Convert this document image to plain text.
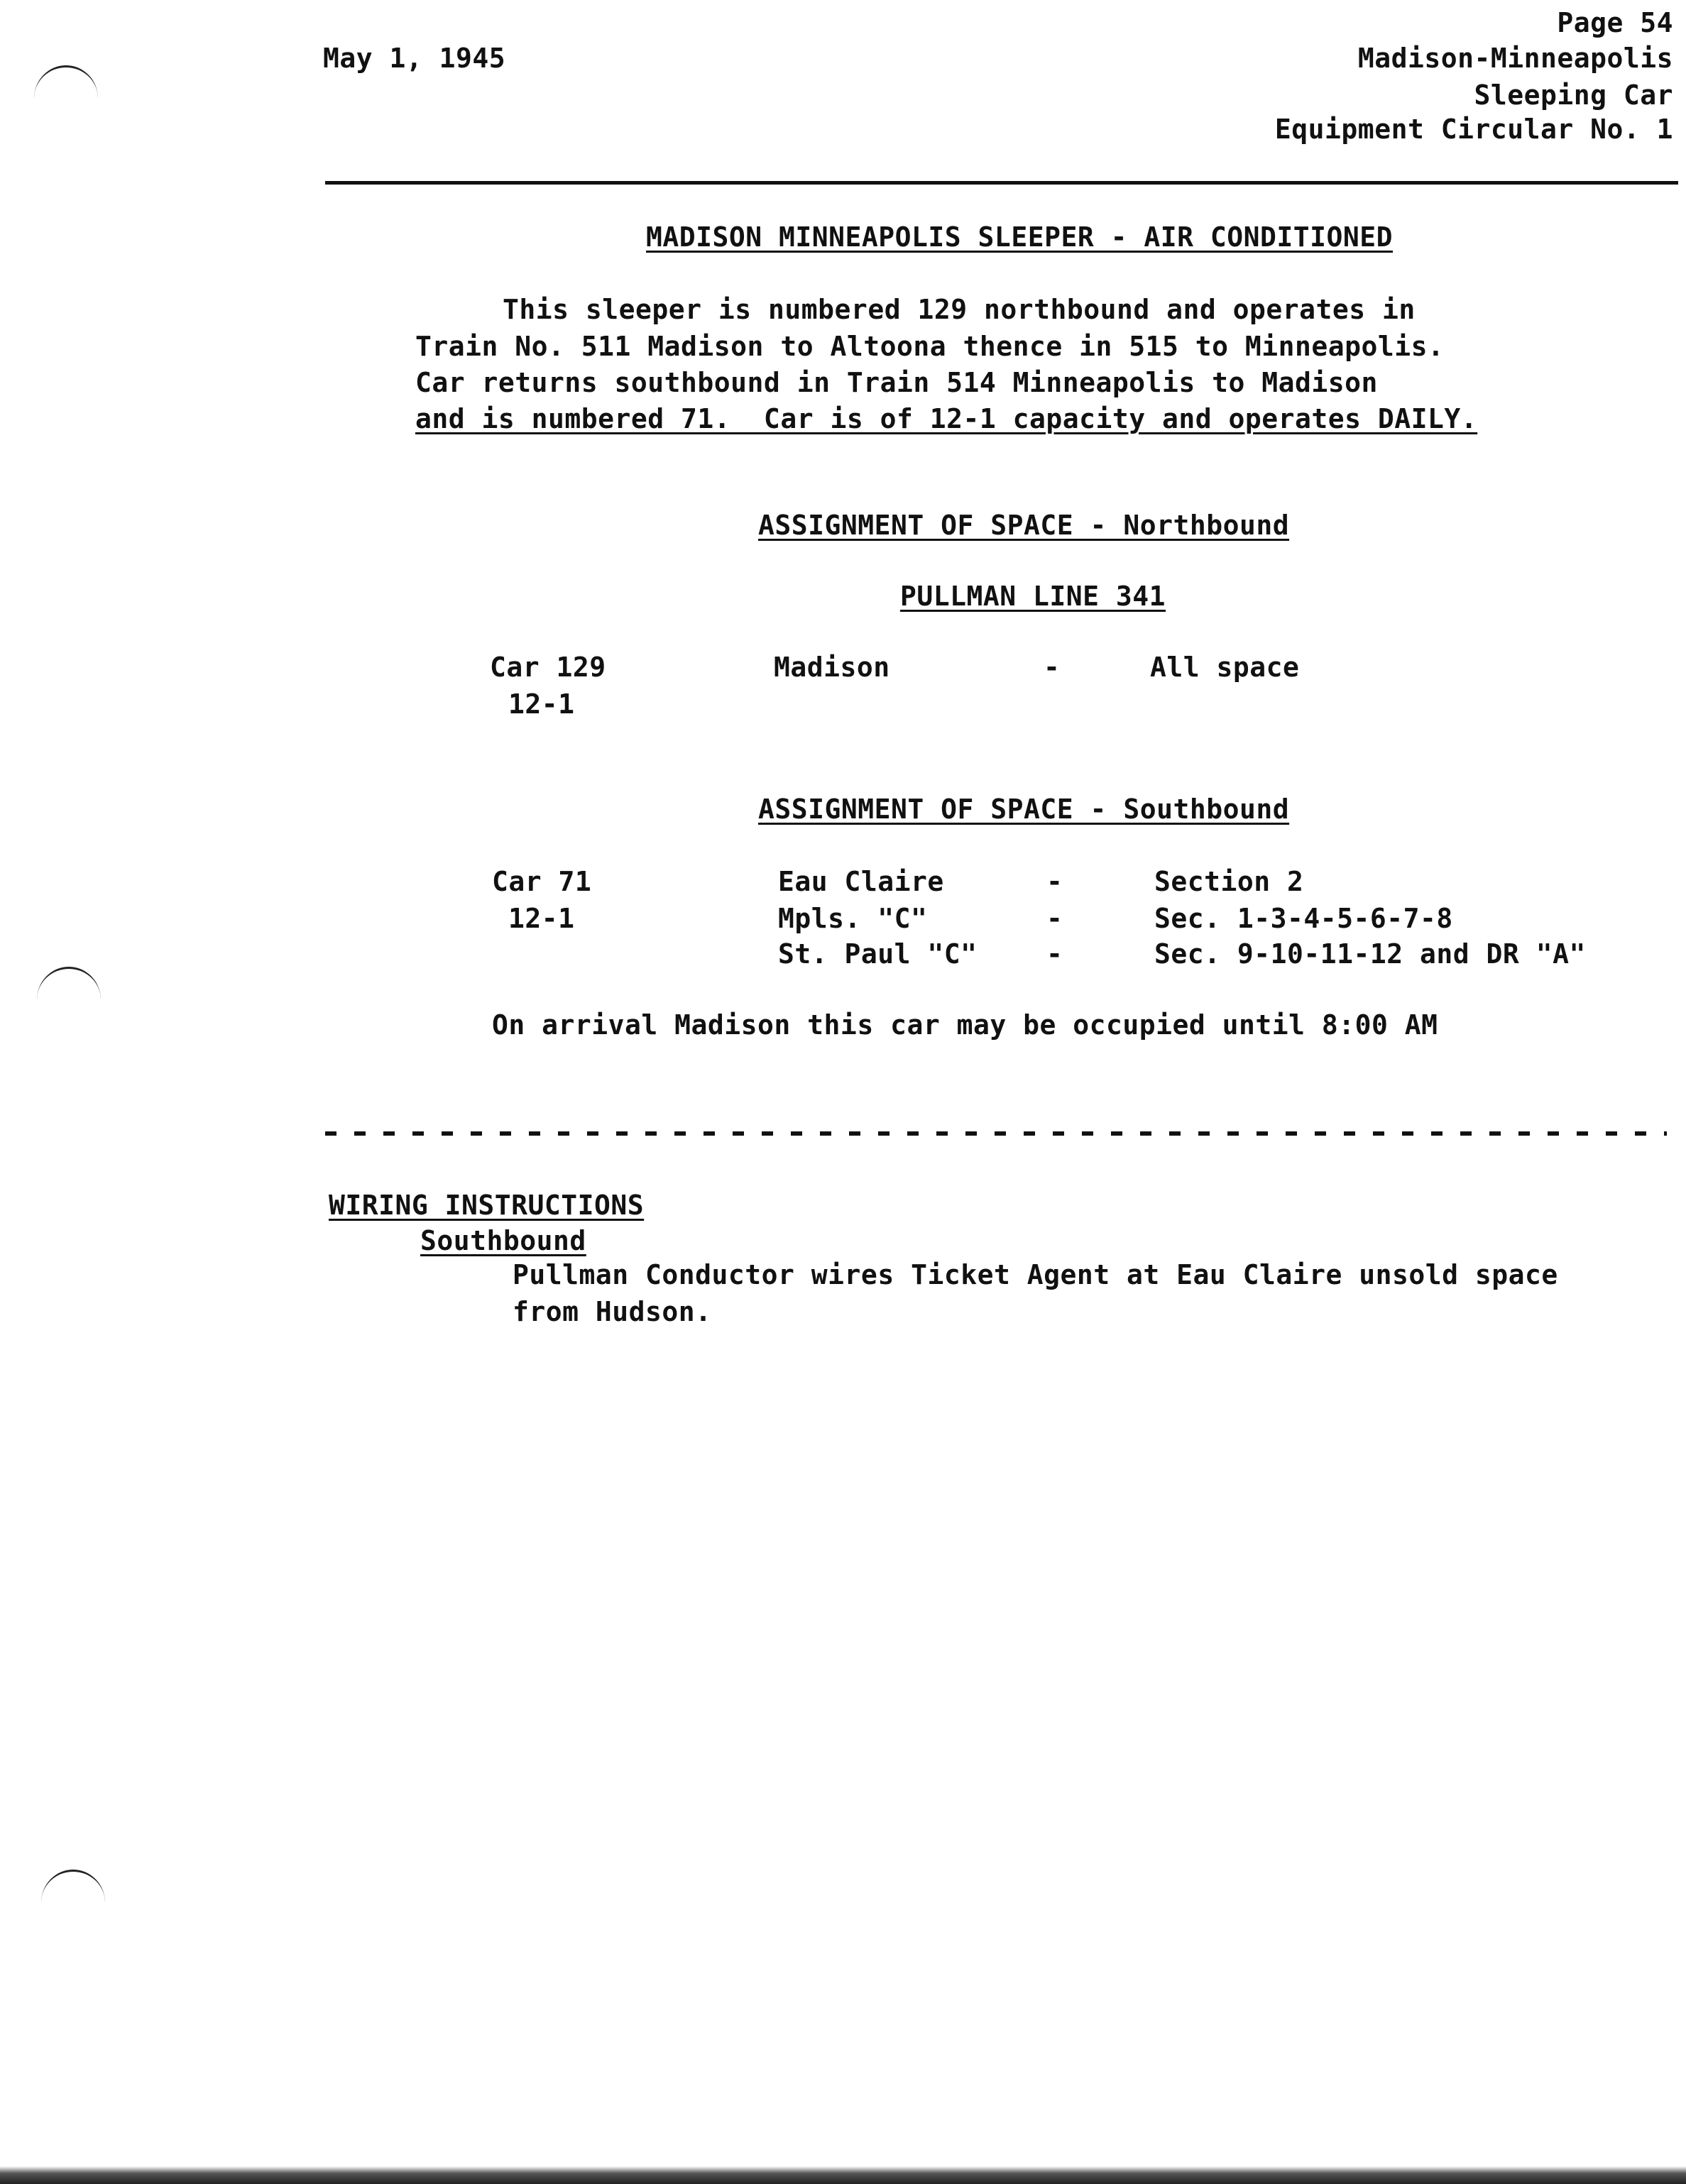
May 1, 1945
Page 54
Madison-Minneapolis
Sleeping Car
Equipment Circular No. 1
MADISON MINNEAPOLIS SLEEPER - AIR CONDITIONED
This sleeper is numbered 129 northbound and operates in
Train No. 511 Madison to Altoona thence in 515 to Minneapolis.
Car returns southbound in Train 514 Minneapolis to Madison
and is numbered 71.  Car is of 12-1 capacity and operates DAILY.
ASSIGNMENT OF SPACE - Northbound
PULLMAN LINE 341
Car 129
12-1
Madison	-	All space
ASSIGNMENT OF SPACE - Southbound
Car 71
12-1
Eau Claire	-	Section 2
Mpls. "C"	-	Sec. 1-3-4-5-6-7-8
St. Paul "C"	-	Sec. 9-10-11-12 and DR "A"
On arrival Madison this car may be occupied until 8:00 AM
WIRING INSTRUCTIONS
Southbound
Pullman Conductor wires Ticket Agent at Eau Claire unsold space
from Hudson.
